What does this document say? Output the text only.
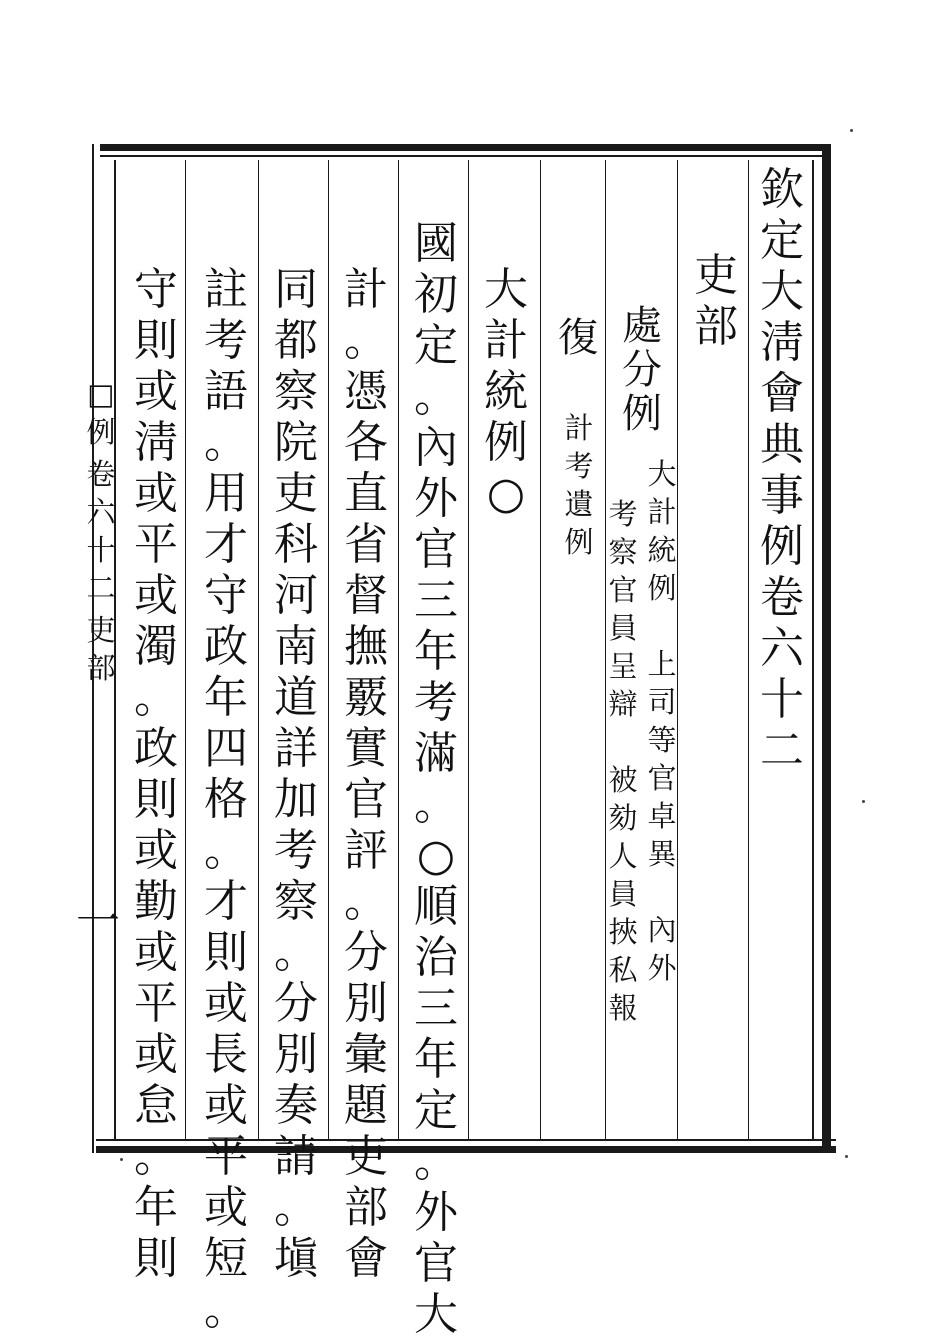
欽
定
大
淸
會
典
事
例
卷
六
十
二
吏
部
處
分
例
大
計
統
例

上
司
等
官
卓
異

內
外
考
察
官
員
呈
辯

被
劾
人
員
挾
私
報
復
計
考
遺
例
大
計
統
例
○
國
初
定
。
內
外
官
三
年
考
滿
。
○
順
治
三
年
定
。
外
官
大
計
。
憑
各
直
省
督
撫
覈
實
官
評
。
分
別
彙
題
吏
部
會
同
都
察
院
吏
科
河
南
道
詳
加
考
察
。
分
別
奏
請
。
塡
註
考
語
。
用
才
守
政
年
四
格
。
才
則
或
長
或
平
或
短
。
守
則
或
淸
或
平
或
濁
。
政
則
或
勤
或
平
或
怠
。
年
則
□
例
卷
六
十
二
吏
部
一
